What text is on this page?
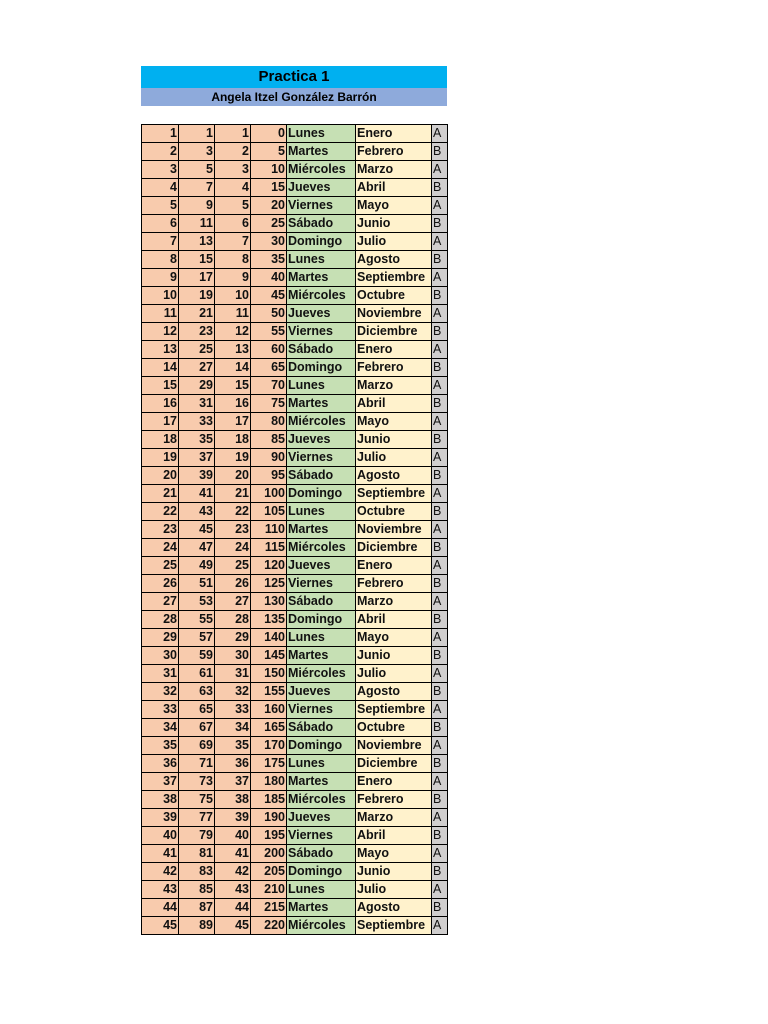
Practica 1
Angela Itzel González Barrón
1	1	1	0	Lunes	Enero	A
2	3	2	5	Martes	Febrero	B
3	5	3	10	Miércoles	Marzo	A
4	7	4	15	Jueves	Abril	B
5	9	5	20	Viernes	Mayo	A
6	11	6	25	Sábado	Junio	B
7	13	7	30	Domingo	Julio	A
8	15	8	35	Lunes	Agosto	B
9	17	9	40	Martes	Septiembre	A
10	19	10	45	Miércoles	Octubre	B
11	21	11	50	Jueves	Noviembre	A
12	23	12	55	Viernes	Diciembre	B
13	25	13	60	Sábado	Enero	A
14	27	14	65	Domingo	Febrero	B
15	29	15	70	Lunes	Marzo	A
16	31	16	75	Martes	Abril	B
17	33	17	80	Miércoles	Mayo	A
18	35	18	85	Jueves	Junio	B
19	37	19	90	Viernes	Julio	A
20	39	20	95	Sábado	Agosto	B
21	41	21	100	Domingo	Septiembre	A
22	43	22	105	Lunes	Octubre	B
23	45	23	110	Martes	Noviembre	A
24	47	24	115	Miércoles	Diciembre	B
25	49	25	120	Jueves	Enero	A
26	51	26	125	Viernes	Febrero	B
27	53	27	130	Sábado	Marzo	A
28	55	28	135	Domingo	Abril	B
29	57	29	140	Lunes	Mayo	A
30	59	30	145	Martes	Junio	B
31	61	31	150	Miércoles	Julio	A
32	63	32	155	Jueves	Agosto	B
33	65	33	160	Viernes	Septiembre	A
34	67	34	165	Sábado	Octubre	B
35	69	35	170	Domingo	Noviembre	A
36	71	36	175	Lunes	Diciembre	B
37	73	37	180	Martes	Enero	A
38	75	38	185	Miércoles	Febrero	B
39	77	39	190	Jueves	Marzo	A
40	79	40	195	Viernes	Abril	B
41	81	41	200	Sábado	Mayo	A
42	83	42	205	Domingo	Junio	B
43	85	43	210	Lunes	Julio	A
44	87	44	215	Martes	Agosto	B
45	89	45	220	Miércoles	Septiembre	A
